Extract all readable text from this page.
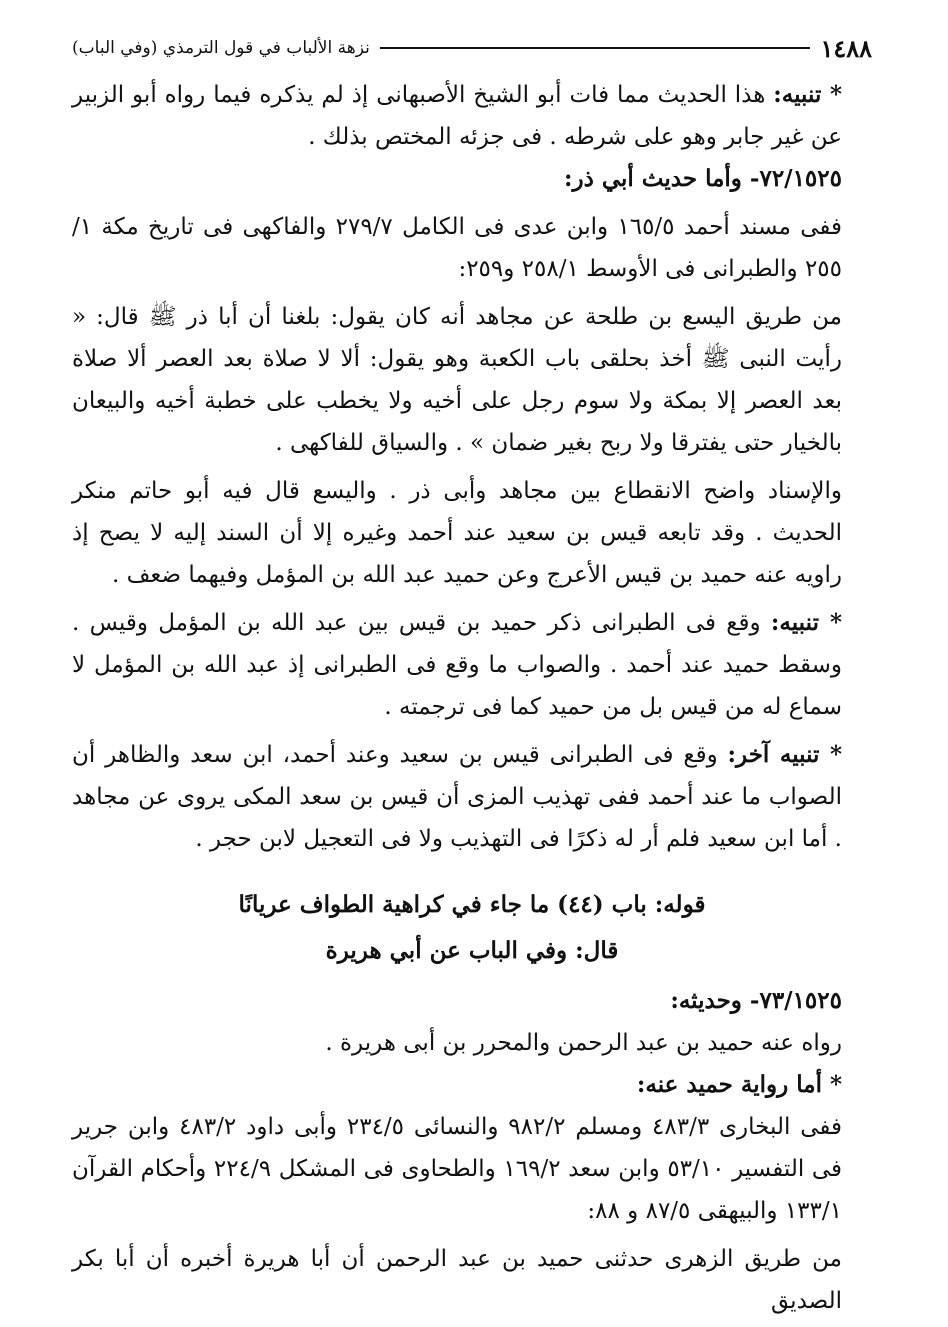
١٤٨٨
نزهة الألباب في قول الترمذي (وفي الباب)

* تنبيه: هذا الحديث مما فات أبو الشيخ الأصبهانى إذ لم يذكره فيما رواه أبو الزبير عن غير جابر وهو على شرطه . فى جزئه المختص بذلك .

٧٢/١٥٢٥- وأما حديث أبي ذر:

ففى مسند أحمد ١٦٥/٥ وابن عدى فى الكامل ٢٧٩/٧ والفاكهى فى تاريخ مكة ١/ ٢٥٥ والطبرانى فى الأوسط ٢٥٨/١ و٢٥٩:

من طريق اليسع بن طلحة عن مجاهد أنه كان يقول: بلغنا أن أبا ذر ﷺ قال: « رأيت النبى ﷺ أخذ بحلقى باب الكعبة وهو يقول: ألا لا صلاة بعد العصر ألا صلاة بعد العصر إلا بمكة ولا سوم رجل على أخيه ولا يخطب على خطبة أخيه والبيعان بالخيار حتى يفترقا ولا ربح بغير ضمان » . والسياق للفاكهى .

والإسناد واضح الانقطاع بين مجاهد وأبى ذر . واليسع قال فيه أبو حاتم منكر الحديث . وقد تابعه قيس بن سعيد عند أحمد وغيره إلا أن السند إليه لا يصح إذ راويه عنه حميد بن قيس الأعرج وعن حميد عبد الله بن المؤمل وفيهما ضعف .

* تنبيه: وقع فى الطبرانى ذكر حميد بن قيس بين عبد الله بن المؤمل وقيس . وسقط حميد عند أحمد . والصواب ما وقع فى الطبرانى إذ عبد الله بن المؤمل لا سماع له من قيس بل من حميد كما فى ترجمته .

* تنبيه آخر: وقع فى الطبرانى قيس بن سعيد وعند أحمد، ابن سعد والظاهر أن الصواب ما عند أحمد ففى تهذيب المزى أن قيس بن سعد المكى يروى عن مجاهد . أما ابن سعيد فلم أر له ذكرًا فى التهذيب ولا فى التعجيل لابن حجر .

قوله: باب (٤٤) ما جاء في كراهية الطواف عريانًا

قال: وفي الباب عن أبي هريرة

٧٣/١٥٢٥- وحديثه:

رواه عنه حميد بن عبد الرحمن والمحرر بن أبى هريرة .

* أما رواية حميد عنه:

ففى البخارى ٤٨٣/٣ ومسلم ٩٨٢/٢ والنسائى ٢٣٤/٥ وأبى داود ٤٨٣/٢ وابن جرير فى التفسير ٥٣/١٠ وابن سعد ١٦٩/٢ والطحاوى فى المشكل ٢٢٤/٩ وأحكام القرآن ١٣٣/١ والبيهقى ٨٧/٥ و ٨٨:

من طريق الزهرى حدثنى حميد بن عبد الرحمن أن أبا هريرة أخبره أن أبا بكر الصديق
